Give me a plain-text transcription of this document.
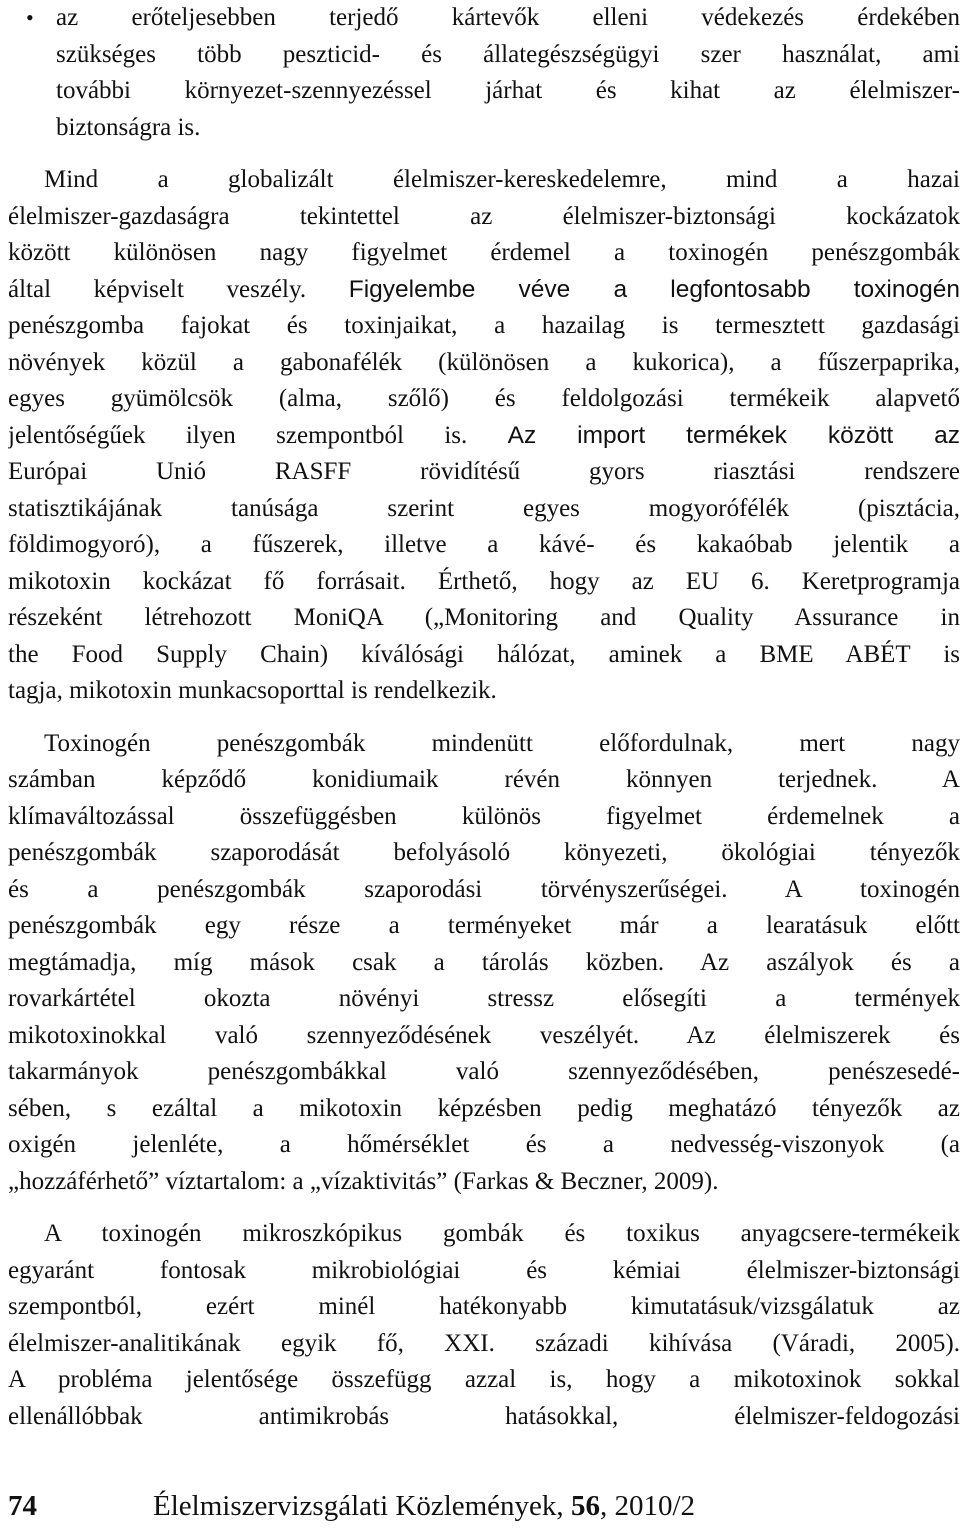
• az erőteljesebben terjedő kártevők elleni védekezés érdekében
szükséges több peszticid- és állategészségügyi szer használat, ami
további környezet-szennyezéssel járhat és kihat az élelmiszer-
biztonságra is.
Mind a globalizált élelmiszer-kereskedelemre, mind a hazai
élelmiszer-gazdaságra tekintettel az élelmiszer-biztonsági kockázatok
között különösen nagy figyelmet érdemel a toxinogén penészgombák
által képviselt veszély. Figyelembe véve a legfontosabb toxinogén
penészgomba fajokat és toxinjaikat, a hazailag is termesztett gazdasági
növények közül a gabonafélék (különösen a kukorica), a fűszerpaprika,
egyes gyümölcsök (alma, szőlő) és feldolgozási termékeik alapvető
jelentőségűek ilyen szempontból is. Az import termékek között az
Európai Unió RASFF rövidítésű gyors riasztási rendszere
statisztikájának tanúsága szerint egyes mogyorófélék (pisztácia,
földimogyoró), a fűszerek, illetve a kávé- és kakaóbab jelentik a
mikotoxin kockázat fő forrásait. Érthető, hogy az EU 6. Keretprogramja
részeként létrehozott MoniQA („Monitoring and Quality Assurance in
the Food Supply Chain) kíválósági hálózat, aminek a BME ABÉT is
tagja, mikotoxin munkacsoporttal is rendelkezik.
Toxinogén penészgombák mindenütt előfordulnak, mert nagy
számban képződő konidiumaik révén könnyen terjednek. A
klímaváltozással összefüggésben különös figyelmet érdemelnek a
penészgombák szaporodását befolyásoló könyezeti, ökológiai tényezők
és a penészgombák szaporodási törvényszerűségei. A toxinogén
penészgombák egy része a terményeket már a learatásuk előtt
megtámadja, míg mások csak a tárolás közben. Az aszályok és a
rovarkártétel okozta növényi stressz elősegíti a termények
mikotoxinokkal való szennyeződésének veszélyét. Az élelmiszerek és
takarmányok penészgombákkal való szennyeződésében, penészesedé-
sében, s ezáltal a mikotoxin képzésben pedig meghatázó tényezők az
oxigén jelenléte, a hőmérséklet és a nedvesség-viszonyok (a
„hozzáférhető” víztartalom: a „vízaktivitás” (Farkas & Beczner, 2009).
A toxinogén mikroszkópikus gombák és toxikus anyagcsere-termékeik
egyaránt fontosak mikrobiológiai és kémiai élelmiszer-biztonsági
szempontból, ezért minél hatékonyabb kimutatásuk/vizsgálatuk az
élelmiszer-analitikának egyik fő, XXI. századi kihívása (Váradi, 2005).
A probléma jelentősége összefügg azzal is, hogy a mikotoxinok sokkal
ellenállóbbak antimikrobás hatásokkal, élelmiszer-feldogozási
74	Élelmiszervizsgálati Közlemények, 56, 2010/2
